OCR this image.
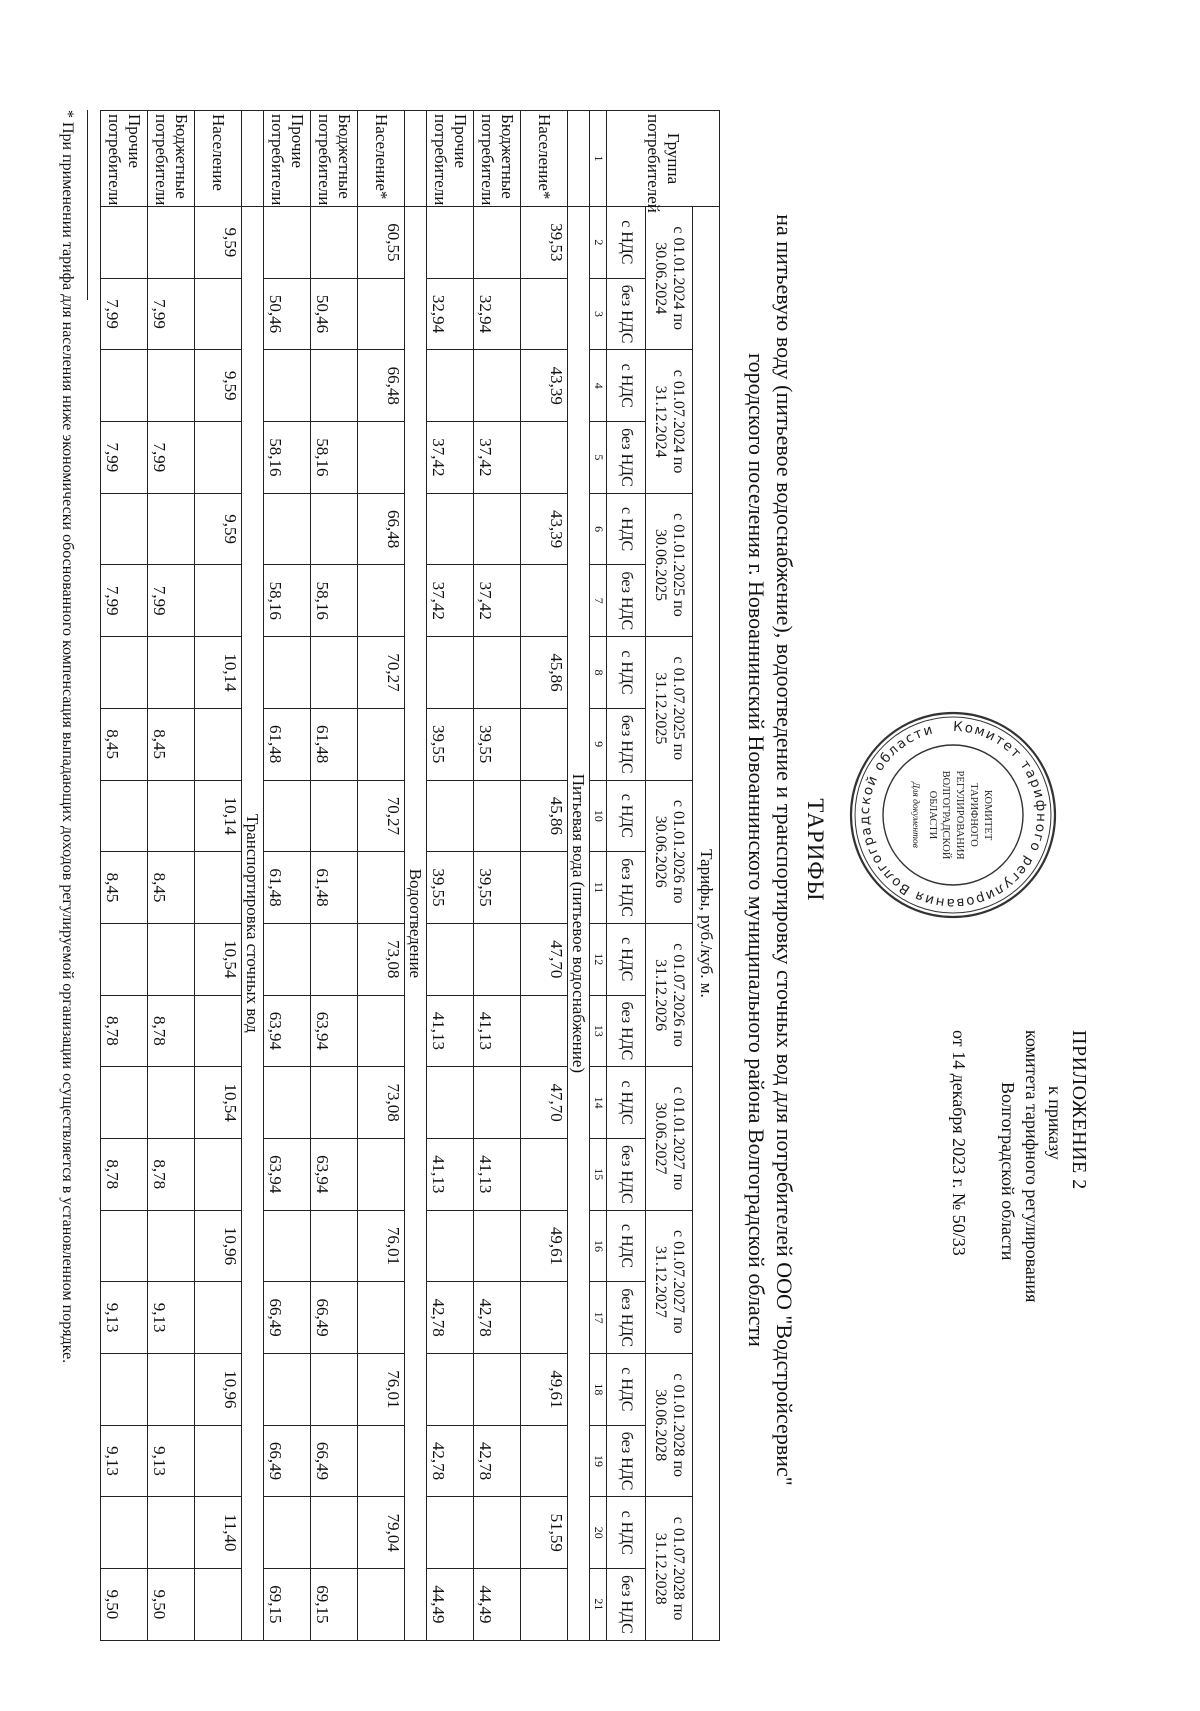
ПРИЛОЖЕНИЕ 2
к приказу
комитета тарифного регулирования
Волгоградской области
от 14 декабря 2023 г. № 50/33
Комитет тарифного регулирования Волгоградской области
КОМИТЕТ
ТАРИФНОГО
РЕГУЛИРОВАНИЯ
ВОЛГОГРАДСКОЙ
ОБЛАСТИ
Для документов
ТАРИФЫ
на питьевую воду (питьевое водоснабжение), водоотведение и транспортировку сточных вод для потребителей ООО "Водстройсервис"
городского поселения г. Новоаннинский Новоаннинского муниципального района Волгоградской области
Группа потребителей	Тарифы, руб./куб. м.																			
	с 01.01.2024 по 30.06.2024		с 01.07.2024 по 31.12.2024		с 01.01.2025 по 30.06.2025		с 01.07.2025 по 31.12.2025		с 01.01.2026 по 30.06.2026		с 01.07.2026 по 31.12.2026		с 01.01.2027 по 30.06.2027		с 01.07.2027 по 31.12.2027		с 01.01.2028 по 30.06.2028		с 01.07.2028 по 31.12.2028	
	с НДС	без НДС	с НДС	без НДС	с НДС	без НДС	с НДС	без НДС	с НДС	без НДС	с НДС	без НДС	с НДС	без НДС	с НДС	без НДС	с НДС	без НДС	с НДС	без НДС
1	2	3	4	5	6	7	8	9	10	11	12	13	14	15	16	17	18	19	20	21
	Питьевая вода (питьевое водоснабжение)																			
Население*	39,53		43,39		43,39		45,86		45,86		47,70		47,70		49,61		49,61		51,59	
Бюджетные потребители		32,94		37,42		37,42		39,55		39,55		41,13		41,13		42,78		42,78		44,49
Прочие потребители		32,94		37,42		37,42		39,55		39,55		41,13		41,13		42,78		42,78		44,49
	Водоотведение																			
Население*	60,55		66,48		66,48		70,27		70,27		73,08		73,08		76,01		76,01		79,04	
Бюджетные потребители		50,46		58,16		58,16		61,48		61,48		63,94		63,94		66,49		66,49		69,15
Прочие потребители		50,46		58,16		58,16		61,48		61,48		63,94		63,94		66,49		66,49		69,15
	Транспортировка сточных вод																			
Население	9,59		9,59		9,59		10,14		10,14		10,54		10,54		10,96		10,96		11,40	
Бюджетные потребители		7,99		7,99		7,99		8,45		8,45		8,78		8,78		9,13		9,13		9,50
Прочие потребители		7,99		7,99		7,99		8,45		8,45		8,78		8,78		9,13		9,13		9,50
* При применении тарифа для населения ниже экономически обоснованного компенсация выпадающих доходов регулируемой организации осуществляется в установленном порядке.
